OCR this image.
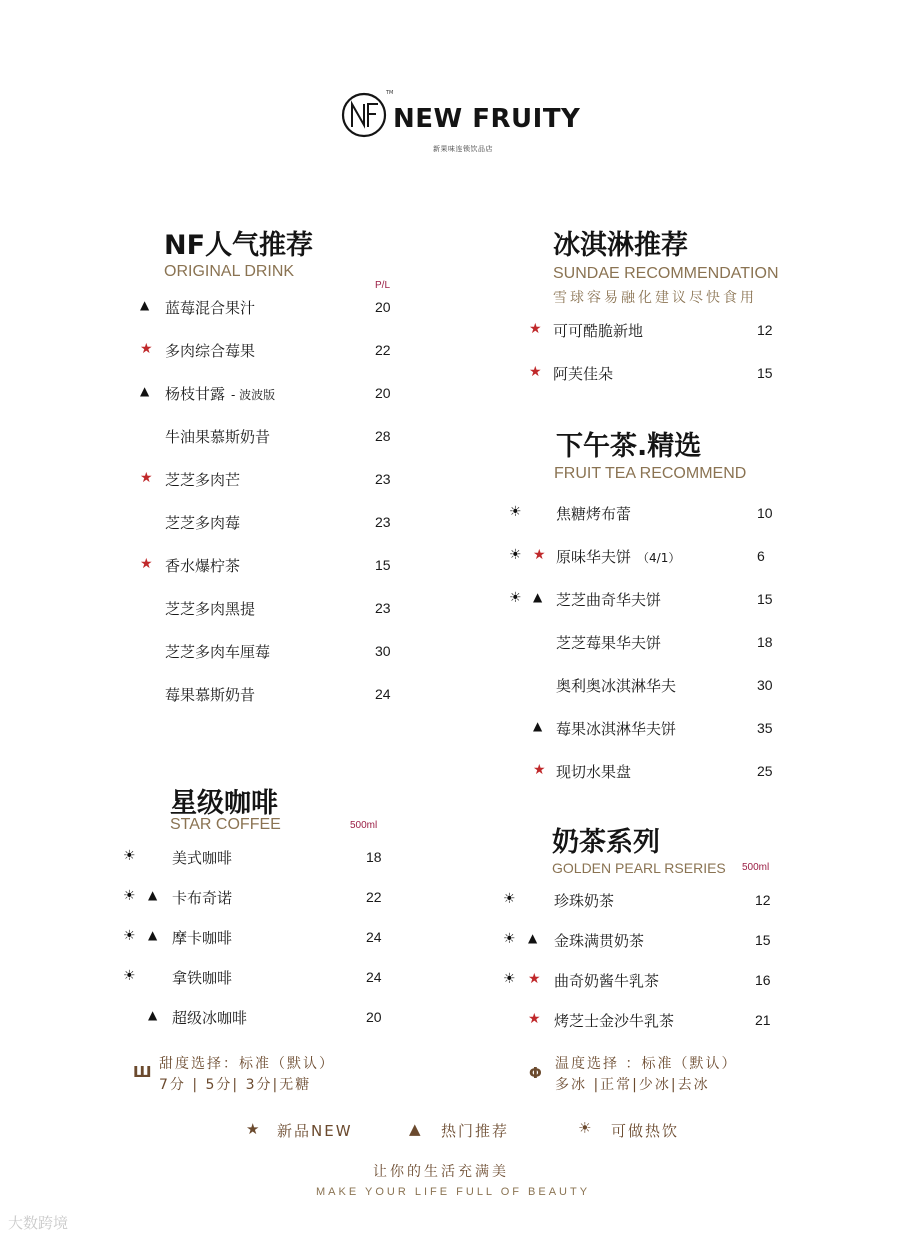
TM
NEW FRUITY
新果味连锁饮品店
NF人气推荐
ORIGINAL DRINK
P/L
▲ 蓝莓混合果汁	20
★ 多肉综合莓果	22
▲ 杨枝甘露 - 波波版	20
牛油果慕斯奶昔	28
★ 芝芝多肉芒	23
芝芝多肉莓	23
★ 香水爆柠茶	15
芝芝多肉黑提	23
芝芝多肉车厘莓	30
莓果慕斯奶昔	24
星级咖啡
STAR COFFEE	500ml
☀ 美式咖啡	18
☀ ▲ 卡布奇诺	22
☀ ▲ 摩卡咖啡	24
☀ 拿铁咖啡	24
▲ 超级冰咖啡	20
Ш 甜度选择：标准（默认）
7分 | 5分| 3分|无糖
冰淇淋推荐
SUNDAE RECOMMENDATION
雪球容易融化建议尽快食用
★ 可可酷脆新地	12
★ 阿芙佳朵	15
下午茶.精选
FRUIT TEA RECOMMEND
☀ 焦糖烤布蕾	10
☀ ★ 原味华夫饼 （4/1）	6
☀ ▲ 芝芝曲奇华夫饼	15
芝芝莓果华夫饼	18
奥利奥冰淇淋华夫	30
▲ 莓果冰淇淋华夫饼	35
★ 现切水果盘	25
奶茶系列
GOLDEN PEARL RSERIES 500ml
☀	珍珠奶茶	12
☀ ▲ 金珠满贯奶茶	15
☀ ★ 曲奇奶酱牛乳茶	16
★ 烤芝士金沙牛乳茶	21
Φ 温度选择 ：标准（默认）
多冰 |正常|少冰|去冰
★ 新品NEW	▲ 热门推荐	☀ 可做热饮
让你的生活充满美
MAKE YOUR LIFE FULL OF BEAUTY
大数跨境
